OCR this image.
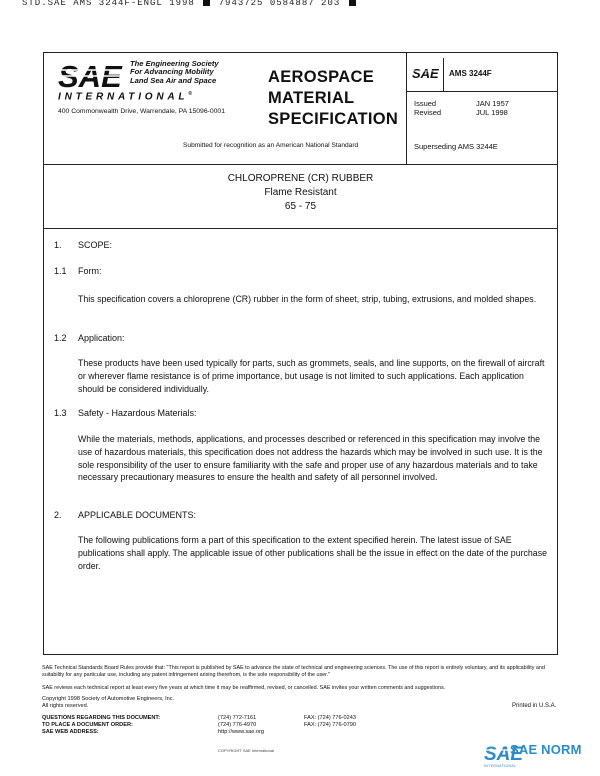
STD.SAE AMS 3244F-ENGL 1998	7943725 0584887 203
SAE The Engineering Society
For Advancing Mobility
Land Sea Air and Space
INTERNATIONAL®
400 Commonwealth Drive, Warrendale, PA 15096-0001
AEROSPACE
MATERIAL
SPECIFICATION
Submitted for recognition as an American National Standard
SAE AMS 3244F
Issued	JAN 1957
Revised	JUL 1998
Superseding AMS 3244E
CHLOROPRENE (CR) RUBBER
Flame Resistant
65 - 75
1. SCOPE:
1.1 Form:
This specification covers a chloroprene (CR) rubber in the form of sheet, strip, tubing, extrusions, and molded shapes.
1.2 Application:
These products have been used typically for parts, such as grommets, seals, and line supports, on the firewall of aircraft or wherever flame resistance is of prime importance, but usage is not limited to such applications. Each application should be considered individually.
1.3 Safety - Hazardous Materials:
While the materials, methods, applications, and processes described or referenced in this specification may involve the use of hazardous materials, this specification does not address the hazards which may be involved in such use. It is the sole responsibility of the user to ensure familiarity with the safe and proper use of any hazardous materials and to take necessary precautionary measures to ensure the health and safety of all personnel involved.
2. APPLICABLE DOCUMENTS:
The following publications form a part of this specification to the extent specified herein. The latest issue of SAE publications shall apply. The applicable issue of other publications shall be the issue in effect on the date of the purchase order.
SAE Technical Standards Board Rules provide that: "This report is published by SAE to advance the state of technical and engineering sciences. The use of this report is entirely voluntary, and its applicability and suitability for any particular use, including any patent infringement arising therefrom, is the sole responsibility of the user."
SAE reviews each technical report at least every five years at which time it may be reaffirmed, revised, or cancelled. SAE invites your written comments and suggestions.
Copyright 1998 Society of Automotive Engineers, Inc.
All rights reserved.	Printed in U.S.A.
QUESTIONS REGARDING THIS DOCUMENT:	(724) 772-7161	FAX: (724) 776-0243
TO PLACE A DOCUMENT ORDER:	(724) 776-4970	FAX: (724) 776-0790
SAE WEB ADDRESS:	http://www.sae.org
COPYRIGHT SAE International	SAE
SAE NORM
INTERNATIONAL
